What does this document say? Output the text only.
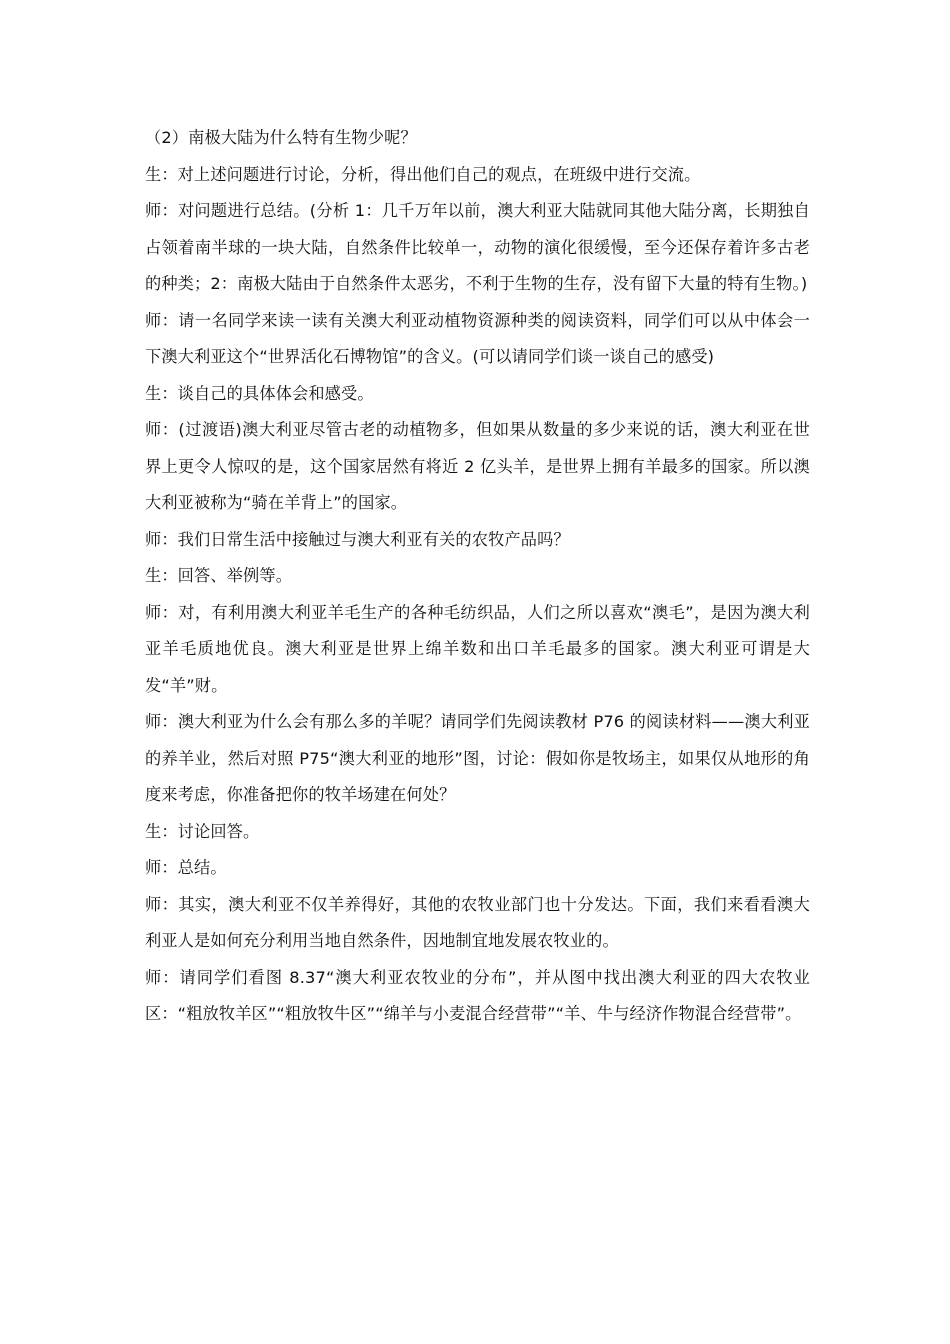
（2）南极大陆为什么特有生物少呢？

生：对上述问题进行讨论，分析，得出他们自己的观点，在班级中进行交流。

师：对问题进行总结。(分析 1：几千万年以前，澳大利亚大陆就同其他大陆分离，长期独自占领着南半球的一块大陆，自然条件比较单一，动物的演化很缓慢，至今还保存着许多古老的种类；2：南极大陆由于自然条件太恶劣，不利于生物的生存，没有留下大量的特有生物。)

师：请一名同学来读一读有关澳大利亚动植物资源种类的阅读资料，同学们可以从中体会一下澳大利亚这个“世界活化石博物馆”的含义。(可以请同学们谈一谈自己的感受)

生：谈自己的具体体会和感受。

师：(过渡语)澳大利亚尽管古老的动植物多，但如果从数量的多少来说的话，澳大利亚在世界上更令人惊叹的是，这个国家居然有将近 2 亿头羊，是世界上拥有羊最多的国家。所以澳大利亚被称为“骑在羊背上”的国家。

师：我们日常生活中接触过与澳大利亚有关的农牧产品吗？

生：回答、举例等。

师：对，有利用澳大利亚羊毛生产的各种毛纺织品，人们之所以喜欢“澳毛”，是因为澳大利亚羊毛质地优良。澳大利亚是世界上绵羊数和出口羊毛最多的国家。澳大利亚可谓是大发“羊”财。

师：澳大利亚为什么会有那么多的羊呢？请同学们先阅读教材 P76 的阅读材料——澳大利亚的养羊业，然后对照 P75“澳大利亚的地形”图，讨论：假如你是牧场主，如果仅从地形的角度来考虑，你准备把你的牧羊场建在何处？

生：讨论回答。

师：总结。

师：其实，澳大利亚不仅羊养得好，其他的农牧业部门也十分发达。下面，我们来看看澳大利亚人是如何充分利用当地自然条件，因地制宜地发展农牧业的。

师：请同学们看图 8.37“澳大利亚农牧业的分布”，并从图中找出澳大利亚的四大农牧业区：“粗放牧羊区”“粗放牧牛区”“绵羊与小麦混合经营带”“羊、牛与经济作物混合经营带”。
